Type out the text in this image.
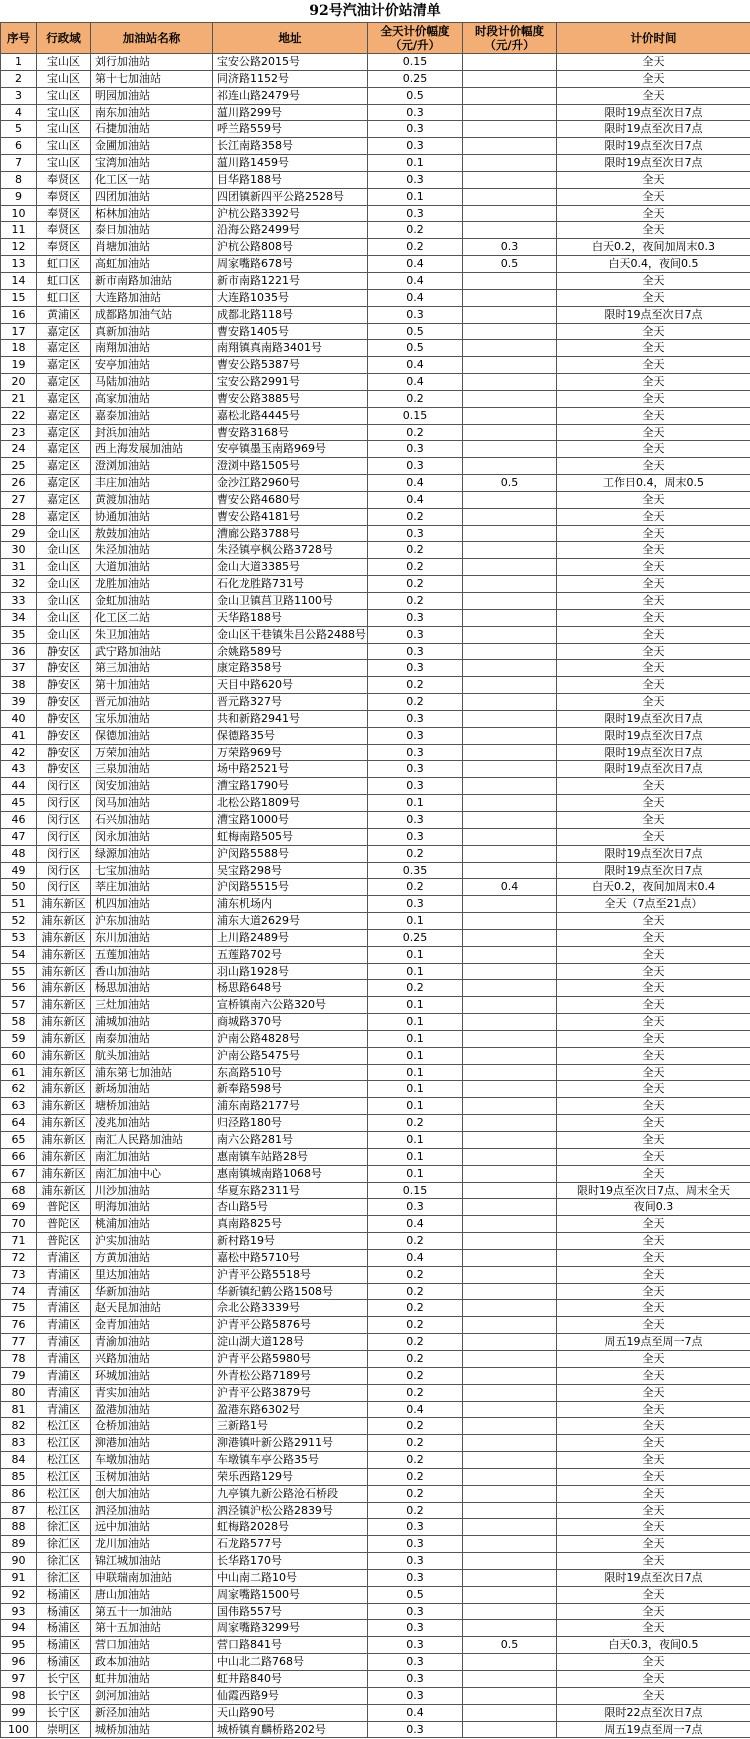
92号汽油计价站清单
序号	行政域	加油站名称	地址	全天计价幅度（元/升）	时段计价幅度（元/升）	计价时间
1	宝山区	刘行加油站	宝安公路2015号	0.15		全天
2	宝山区	第十七加油站	同济路1152号	0.25		全天
3	宝山区	明园加油站	祁连山路2479号	0.5		全天
4	宝山区	南东加油站	蕰川路299号	0.3		限时19点至次日7点
5	宝山区	石捷加油站	呼兰路559号	0.3		限时19点至次日7点
6	宝山区	金圃加油站	长江南路358号	0.3		限时19点至次日7点
7	宝山区	宝湾加油站	蕰川路1459号	0.1		限时19点至次日7点
8	奉贤区	化工区一站	目华路188号	0.3		全天
9	奉贤区	四团加油站	四团镇新四平公路2528号	0.1		全天
10	奉贤区	柘林加油站	沪杭公路3392号	0.3		全天
11	奉贤区	泰日加油站	沿海公路2499号	0.2		全天
12	奉贤区	肖塘加油站	沪杭公路808号	0.2	0.3	白天0.2，夜间加周末0.3
13	虹口区	高虹加油站	周家嘴路678号	0.4	0.5	白天0.4，夜间0.5
14	虹口区	新市南路加油站	新市南路1221号	0.4		全天
15	虹口区	大连路加油站	大连路1035号	0.4		全天
16	黄浦区	成都路加油气站	成都北路118号	0.3		限时19点至次日7点
17	嘉定区	真新加油站	曹安路1405号	0.5		全天
18	嘉定区	南翔加油站	南翔镇真南路3401号	0.5		全天
19	嘉定区	安亭加油站	曹安公路5387号	0.4		全天
20	嘉定区	马陆加油站	宝安公路2991号	0.4		全天
21	嘉定区	高家加油站	曹安公路3885号	0.2		全天
22	嘉定区	嘉泰加油站	嘉松北路4445号	0.15		全天
23	嘉定区	封浜加油站	曹安路3168号	0.2		全天
24	嘉定区	西上海发展加油站	安亭镇墨玉南路969号	0.3		全天
25	嘉定区	澄浏加油站	澄浏中路1505号	0.3		全天
26	嘉定区	丰庄加油站	金沙江路2960号	0.4	0.5	工作日0.4，周末0.5
27	嘉定区	黄渡加油站	曹安公路4680号	0.4		全天
28	嘉定区	协通加油站	曹安公路4181号	0.2		全天
29	金山区	敖鼓加油站	漕廊公路3788号	0.3		全天
30	金山区	朱泾加油站	朱泾镇亭枫公路3728号	0.2		全天
31	金山区	大道加油站	金山大道3385号	0.2		全天
32	金山区	龙胜加油站	石化龙胜路731号	0.2		全天
33	金山区	金虹加油站	金山卫镇莒卫路1100号	0.2		全天
34	金山区	化工区二站	天华路188号	0.3		全天
35	金山区	朱卫加油站	金山区干巷镇朱吕公路2488号	0.3		全天
36	静安区	武宁路加油站	余姚路589号	0.3		全天
37	静安区	第三加油站	康定路358号	0.3		全天
38	静安区	第十加油站	天目中路620号	0.2		全天
39	静安区	晋元加油站	晋元路327号	0.2		全天
40	静安区	宝乐加油站	共和新路2941号	0.3		限时19点至次日7点
41	静安区	保德加油站	保德路35号	0.3		限时19点至次日7点
42	静安区	万荣加油站	万荣路969号	0.3		限时19点至次日7点
43	静安区	三泉加油站	场中路2521号	0.3		限时19点至次日7点
44	闵行区	闵安加油站	漕宝路1790号	0.3		全天
45	闵行区	闵马加油站	北松公路1809号	0.1		全天
46	闵行区	石兴加油站	漕宝路1000号	0.3		全天
47	闵行区	闵永加油站	虹梅南路505号	0.3		全天
48	闵行区	绿源加油站	沪闵路5588号	0.2		限时19点至次日7点
49	闵行区	七宝加油站	吴宝路298号	0.35		限时19点至次日7点
50	闵行区	莘庄加油站	沪闵路5515号	0.2	0.4	白天0.2，夜间加周末0.4
51	浦东新区	机四加油站	浦东机场内	0.3		全天（7点至21点）
52	浦东新区	沪东加油站	浦东大道2629号	0.1		全天
53	浦东新区	东川加油站	上川路2489号	0.25		全天
54	浦东新区	五莲加油站	五莲路702号	0.1		全天
55	浦东新区	香山加油站	羽山路1928号	0.1		全天
56	浦东新区	杨思加油站	杨思路648号	0.2		全天
57	浦东新区	三灶加油站	宣桥镇南六公路320号	0.1		全天
58	浦东新区	浦城加油站	商城路370号	0.1		全天
59	浦东新区	南泰加油站	沪南公路4828号	0.1		全天
60	浦东新区	航头加油站	沪南公路5475号	0.1		全天
61	浦东新区	浦东第七加油站	东高路510号	0.1		全天
62	浦东新区	新场加油站	新奉路598号	0.1		全天
63	浦东新区	塘桥加油站	浦东南路2177号	0.1		全天
64	浦东新区	凌兆加油站	归泾路180号	0.2		全天
65	浦东新区	南汇人民路加油站	南六公路281号	0.1		全天
66	浦东新区	南汇加油站	惠南镇车站路28号	0.1		全天
67	浦东新区	南汇加油中心	惠南镇城南路1068号	0.1		全天
68	浦东新区	川沙加油站	华夏东路2311号	0.15		限时19点至次日7点、周末全天
69	普陀区	明海加油站	杏山路5号	0.3		夜间0.3
70	普陀区	桃浦加油站	真南路825号	0.4		全天
71	普陀区	沪实加油站	新村路19号	0.2		全天
72	青浦区	方黄加油站	嘉松中路5710号	0.4		全天
73	青浦区	里达加油站	沪青平公路5518号	0.2		全天
74	青浦区	华新加油站	华新镇纪鹤公路1508号	0.2		全天
75	青浦区	赵天昆加油站	佘北公路3339号	0.2		全天
76	青浦区	金青加油站	沪青平公路5876号	0.2		全天
77	青浦区	青渝加油站	淀山湖大道128号	0.2		周五19点至周一7点
78	青浦区	兴路加油站	沪青平公路5980号	0.2		全天
79	青浦区	环城加油站	外青松公路7189号	0.2		全天
80	青浦区	青实加油站	沪青平公路3879号	0.2		全天
81	青浦区	盈港加油站	盈港东路6302号	0.4		全天
82	松江区	仓桥加油站	三新路1号	0.2		全天
83	松江区	泖港加油站	泖港镇叶新公路2911号	0.2		全天
84	松江区	车墩加油站	车墩镇车亭公路35号	0.2		全天
85	松江区	玉树加油站	荣乐西路129号	0.2		全天
86	松江区	创大加油站	九亭镇九新公路沧石桥段	0.2		全天
87	松江区	泗泾加油站	泗泾镇沪松公路2839号	0.2		全天
88	徐汇区	远中加油站	虹梅路2028号	0.3		全天
89	徐汇区	龙川加油站	石龙路577号	0.3		全天
90	徐汇区	锦江城加油站	长华路170号	0.3		全天
91	徐汇区	申联瑞南加油站	中山南二路10号	0.3		限时19点至次日7点
92	杨浦区	唐山加油站	周家嘴路1500号	0.5		全天
93	杨浦区	第五十一加油站	国伟路557号	0.3		全天
94	杨浦区	第十五加油站	周家嘴路3299号	0.3		全天
95	杨浦区	营口加油站	营口路841号	0.3	0.5	白天0.3，夜间0.5
96	杨浦区	政本加油站	中山北二路768号	0.3		全天
97	长宁区	虹井加油站	虹井路840号	0.3		全天
98	长宁区	剑河加油站	仙霞西路9号	0.3		全天
99	长宁区	新泾加油站	天山路90号	0.4		限时22点至次日7点
100	崇明区	城桥加油站	城桥镇育麟桥路202号	0.3		周五19点至周一7点
